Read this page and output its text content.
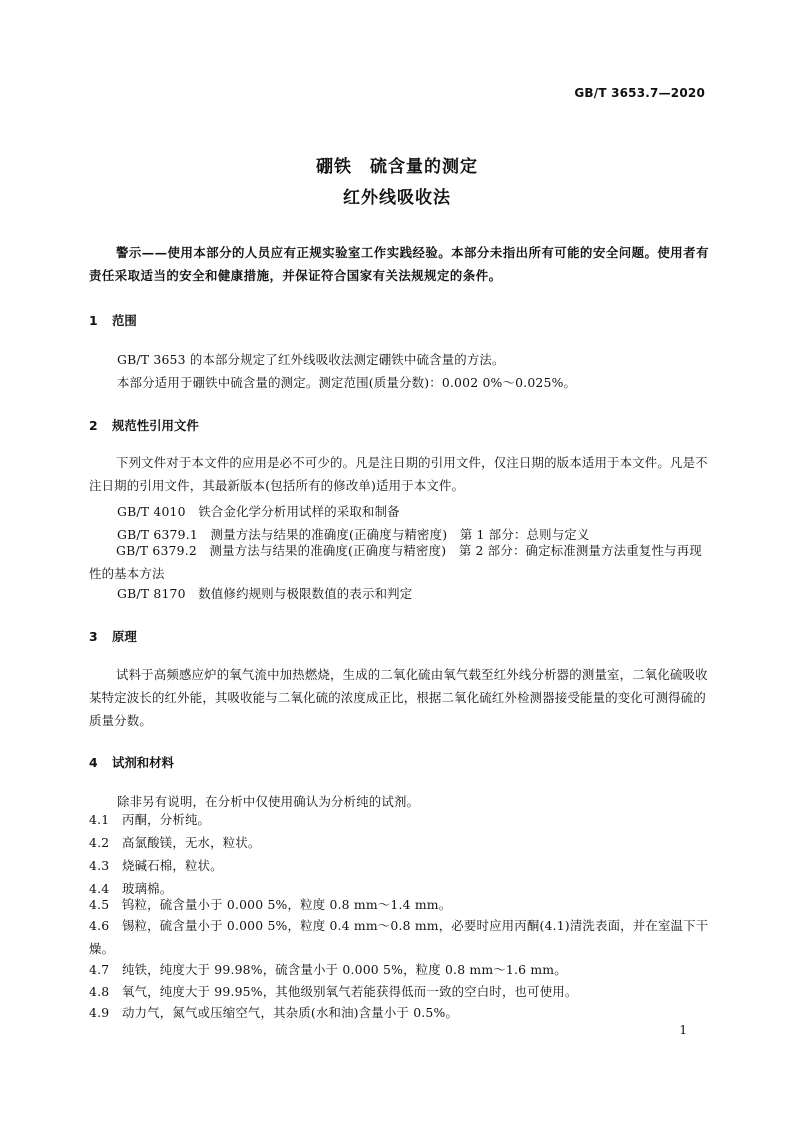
GB/T 3653.7—2020
硼铁　硫含量的测定
红外线吸收法
警示——使用本部分的人员应有正规实验室工作实践经验。本部分未指出所有可能的安全问题。使用者有责任采取适当的安全和健康措施，并保证符合国家有关法规规定的条件。
1 范围
GB/T 3653 的本部分规定了红外线吸收法测定硼铁中硫含量的方法。
本部分适用于硼铁中硫含量的测定。测定范围(质量分数)：0.002 0%～0.025%。
2 规范性引用文件
下列文件对于本文件的应用是必不可少的。凡是注日期的引用文件，仅注日期的版本适用于本文件。凡是不注日期的引用文件，其最新版本(包括所有的修改单)适用于本文件。
GB/T 4010　铁合金化学分析用试样的采取和制备
GB/T 6379.1　测量方法与结果的准确度(正确度与精密度)　第 1 部分：总则与定义
GB/T 6379.2　测量方法与结果的准确度(正确度与精密度)　第 2 部分：确定标准测量方法重复性与再现性的基本方法
GB/T 8170　数值修约规则与极限数值的表示和判定
3 原理
试料于高频感应炉的氧气流中加热燃烧，生成的二氧化硫由氧气载至红外线分析器的测量室，二氧化硫吸收某特定波长的红外能，其吸收能与二氧化硫的浓度成正比，根据二氧化硫红外检测器接受能量的变化可测得硫的质量分数。
4 试剂和材料
除非另有说明，在分析中仅使用确认为分析纯的试剂。
4.1 丙酮，分析纯。
4.2 高氯酸镁，无水，粒状。
4.3 烧碱石棉，粒状。
4.4 玻璃棉。
4.5 钨粒，硫含量小于 0.000 5%，粒度 0.8 mm～1.4 mm。
4.6 锡粒，硫含量小于 0.000 5%，粒度 0.4 mm～0.8 mm，必要时应用丙酮(4.1)清洗表面，并在室温下干燥。
4.7 纯铁，纯度大于 99.98%，硫含量小于 0.000 5%，粒度 0.8 mm～1.6 mm。
4.8 氧气，纯度大于 99.95%，其他级别氧气若能获得低而一致的空白时，也可使用。
4.9 动力气，氮气或压缩空气，其杂质(水和油)含量小于 0.5%。
1
